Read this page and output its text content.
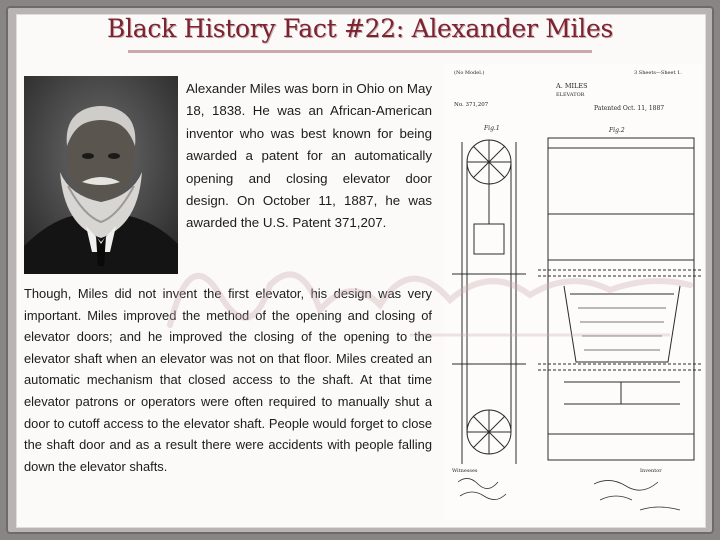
Black History Fact #22: Alexander Miles
Alexander Miles was born in Ohio on May 18, 1838. He was an African-American inventor who was best known for being awarded a patent for an automatically opening and closing elevator door design. On October 11, 1887, he was awarded the U.S. Patent 371,207.
Though, Miles did not invent the first elevator, his design was very important. Miles improved the method of the opening and closing of elevator doors; and he improved the closing of the opening to the elevator shaft when an elevator was not on that floor. Miles created an automatic mechanism that closed access to the shaft. At that time elevator patrons or operators were often required to manually shut a door to cutoff access to the elevator shaft. People would forget to close the shaft door and as a result there were accidents with people falling down the elevator shafts.
(No Model.)	3 Sheets—Sheet 1.
A. MILES
ELEVATOR
No. 371,207	Patented Oct. 11, 1887
Fig.1	Fig.2
Witnesses	Inventor
